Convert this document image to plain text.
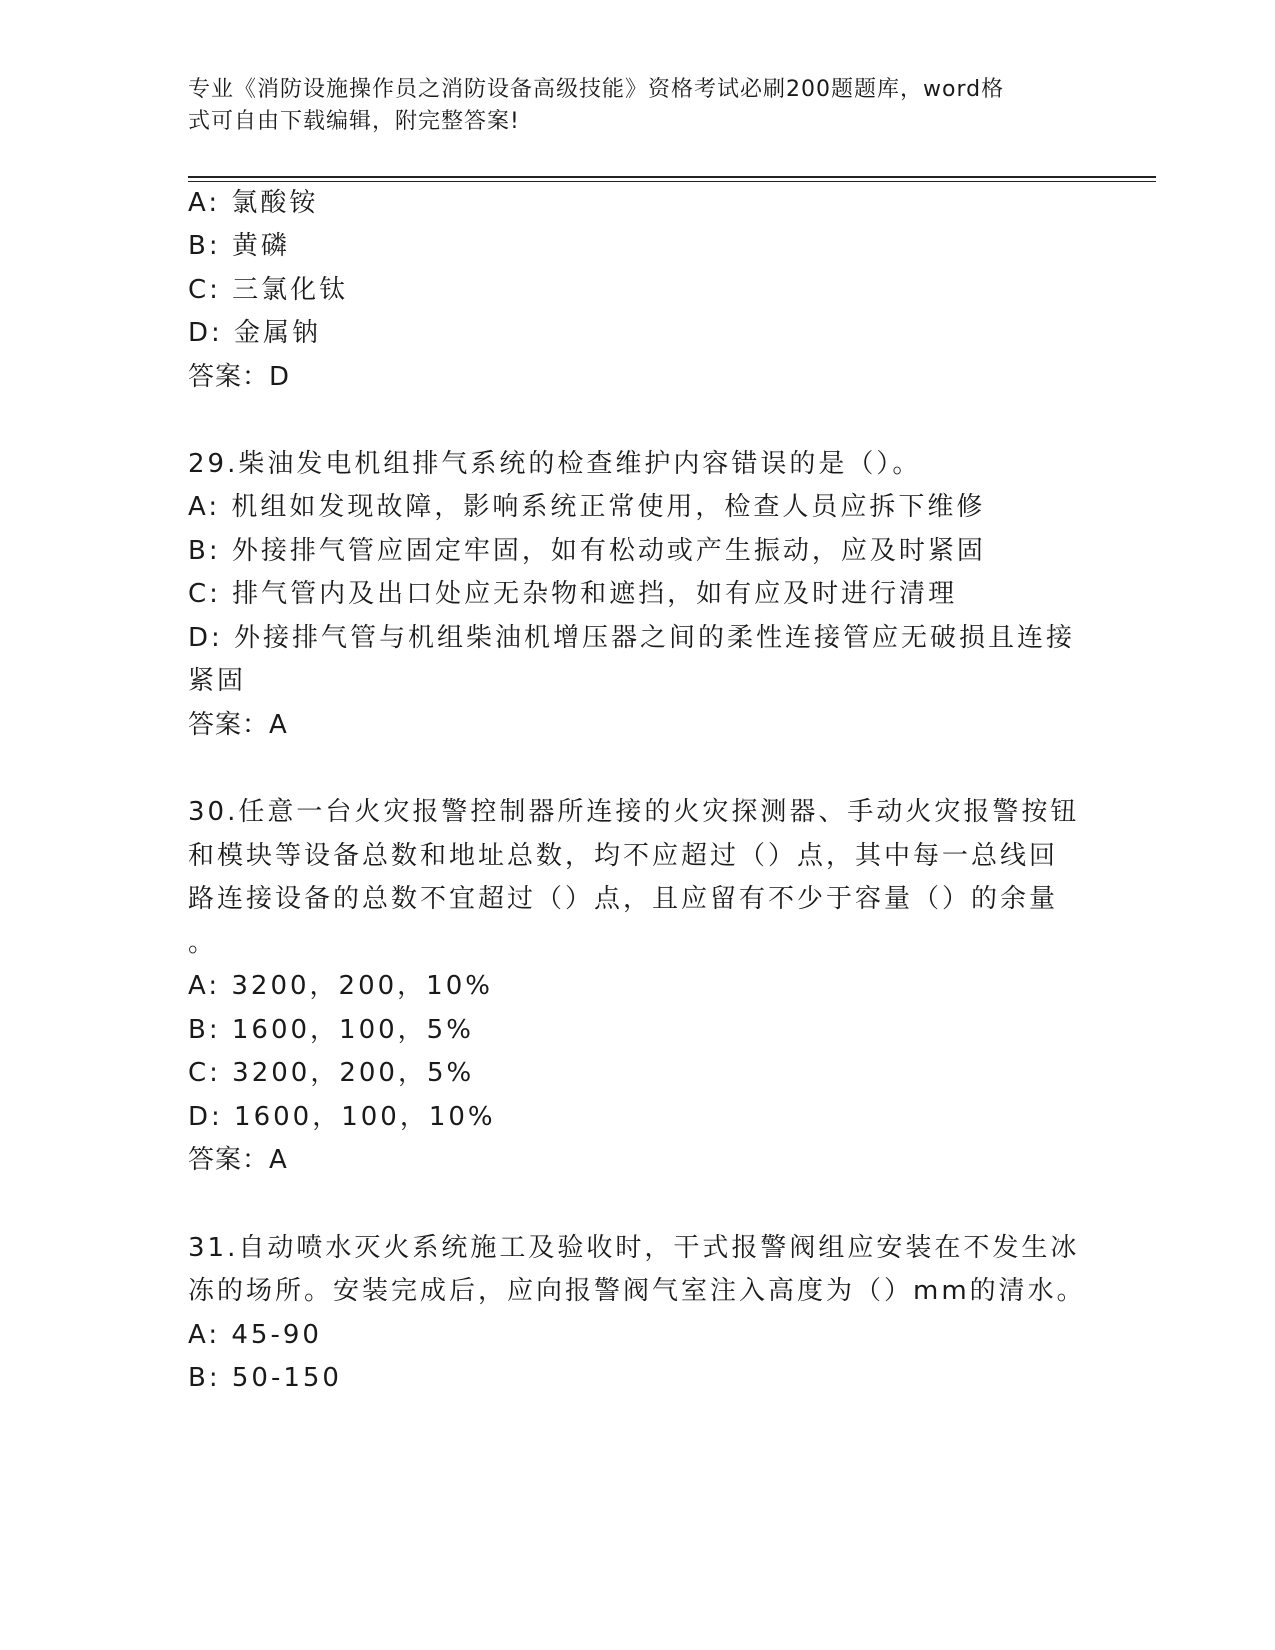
专业《消防设施操作员之消防设备高级技能》资格考试必刷200题题库，word格
式可自由下载编辑，附完整答案!
A: 氯酸铵
B: 黄磷
C: 三氯化钛
D: 金属钠
答案：D
29.柴油发电机组排气系统的检查维护内容错误的是（）。
A: 机组如发现故障，影响系统正常使用，检查人员应拆下维修
B: 外接排气管应固定牢固，如有松动或产生振动，应及时紧固
C: 排气管内及出口处应无杂物和遮挡，如有应及时进行清理
D: 外接排气管与机组柴油机增压器之间的柔性连接管应无破损且连接
紧固
答案：A
30.任意一台火灾报警控制器所连接的火灾探测器、手动火灾报警按钮
和模块等设备总数和地址总数，均不应超过（）点，其中每一总线回
路连接设备的总数不宜超过（）点，且应留有不少于容量（）的余量
。
A: 3200，200，10%
B: 1600，100，5%
C: 3200，200，5%
D: 1600，100，10%
答案：A
31.自动喷水灭火系统施工及验收时，干式报警阀组应安装在不发生冰
冻的场所。安装完成后，应向报警阀气室注入高度为（）mm的清水。
A: 45-90
B: 50-150
